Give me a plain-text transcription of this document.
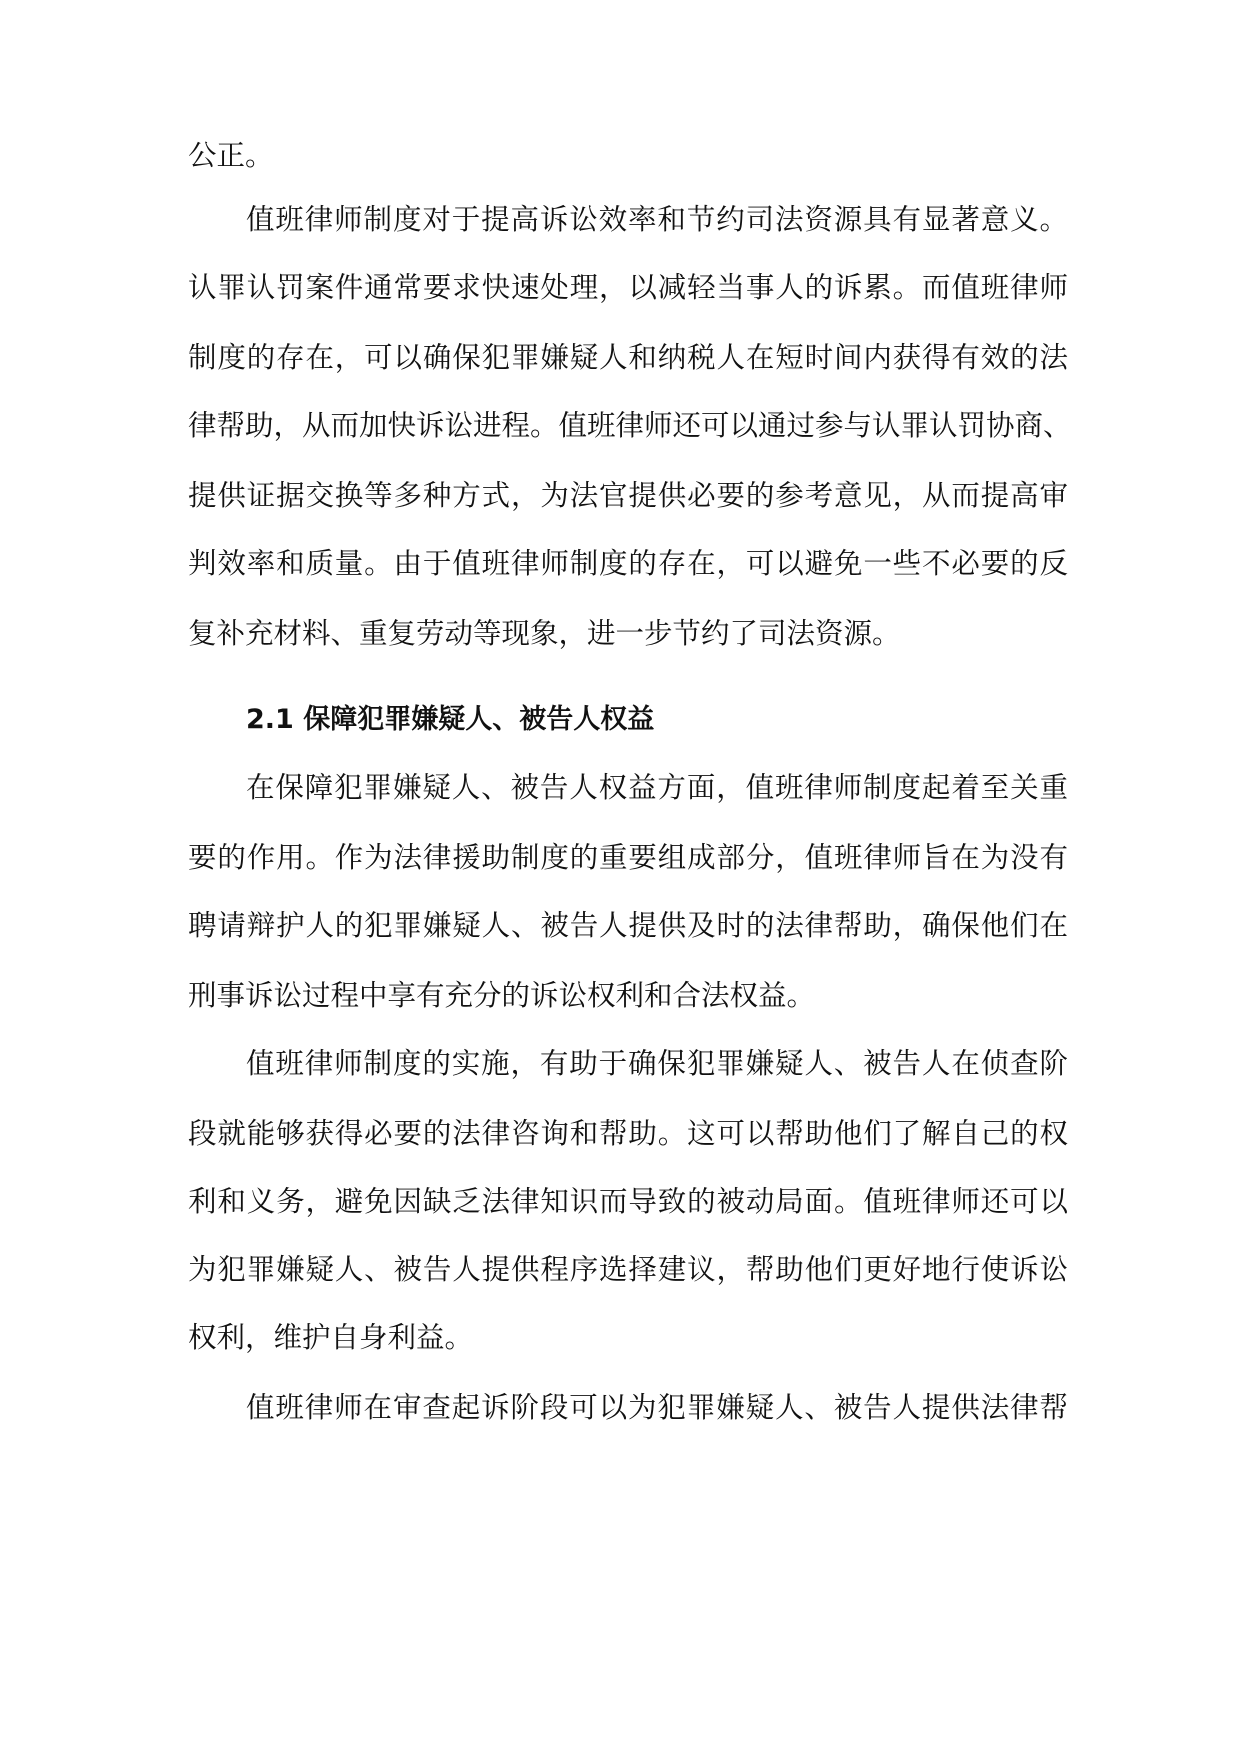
公正。
值班律师制度对于提高诉讼效率和节约司法资源具有显著意义。
认罪认罚案件通常要求快速处理，以减轻当事人的诉累。而值班律师
制度的存在，可以确保犯罪嫌疑人和纳税人在短时间内获得有效的法
律帮助，从而加快诉讼进程。值班律师还可以通过参与认罪认罚协商、
提供证据交换等多种方式，为法官提供必要的参考意见，从而提高审
判效率和质量。由于值班律师制度的存在，可以避免一些不必要的反
复补充材料、重复劳动等现象，进一步节约了司法资源。
2.1 保障犯罪嫌疑人、被告人权益
在保障犯罪嫌疑人、被告人权益方面，值班律师制度起着至关重
要的作用。作为法律援助制度的重要组成部分，值班律师旨在为没有
聘请辩护人的犯罪嫌疑人、被告人提供及时的法律帮助，确保他们在
刑事诉讼过程中享有充分的诉讼权利和合法权益。
值班律师制度的实施，有助于确保犯罪嫌疑人、被告人在侦查阶
段就能够获得必要的法律咨询和帮助。这可以帮助他们了解自己的权
利和义务，避免因缺乏法律知识而导致的被动局面。值班律师还可以
为犯罪嫌疑人、被告人提供程序选择建议，帮助他们更好地行使诉讼
权利，维护自身利益。
值班律师在审查起诉阶段可以为犯罪嫌疑人、被告人提供法律帮
